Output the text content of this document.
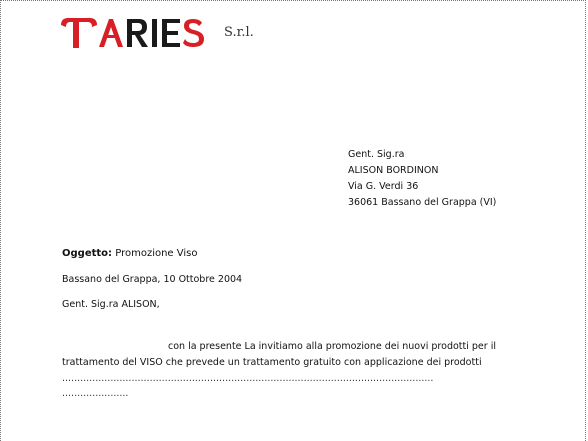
S.r.l.
Gent. Sig.ra
ALISON BORDINON
Via G. Verdi 36
36061 Bassano del Grappa (VI)
Oggetto: Promozione Viso
Bassano del Grappa, 10 Ottobre 2004
Gent. Sig.ra ALISON,
con la presente La invitiamo alla promozione dei nuovi prodotti per il
trattamento del VISO che prevede un trattamento gratuito con applicazione dei prodotti
...........................................................................................................................
......................
